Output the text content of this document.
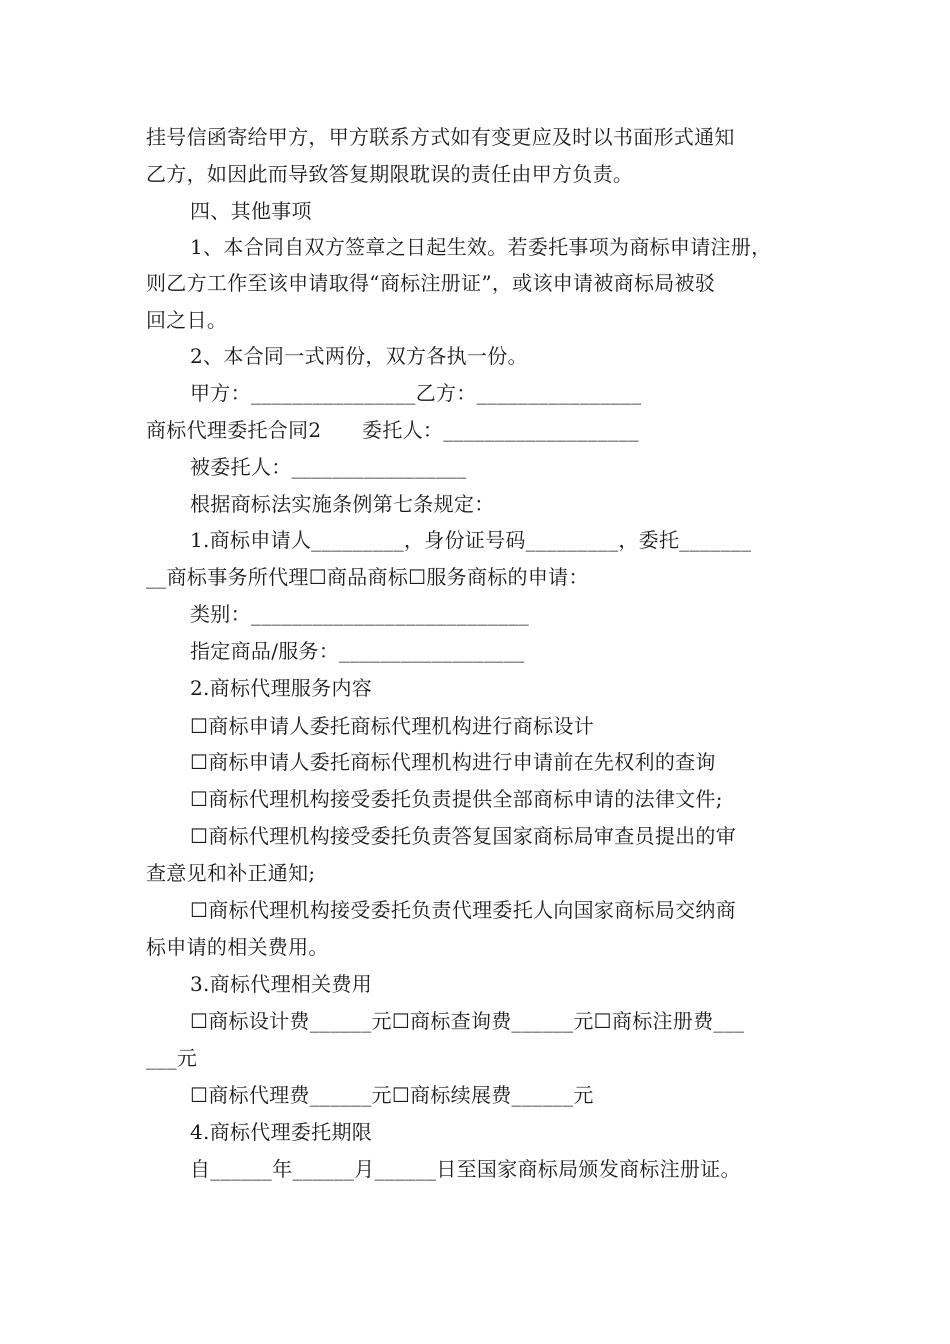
挂号信函寄给甲方，甲方联系方式如有变更应及时以书面形式通知
乙方，如因此而导致答复期限耽误的责任由甲方负责。
四、其他事项
1、本合同自双方签章之日起生效。若委托事项为商标申请注册，
则乙方工作至该申请取得“商标注册证”，或该申请被商标局被驳
回之日。
2、本合同一式两份，双方各执一份。
甲方：________________乙方：________________
商标代理委托合同2　　委托人：___________________
被委托人：_________________
根据商标法实施条例第七条规定：
1.商标申请人_________，身份证号码_________，委托_______
__商标事务所代理☐商品商标☐服务商标的申请：
类别：___________________________
指定商品/服务：__________________
2.商标代理服务内容
☐商标申请人委托商标代理机构进行商标设计
☐商标申请人委托商标代理机构进行申请前在先权利的查询
☐商标代理机构接受委托负责提供全部商标申请的法律文件;
☐商标代理机构接受委托负责答复国家商标局审查员提出的审
查意见和补正通知;
☐商标代理机构接受委托负责代理委托人向国家商标局交纳商
标申请的相关费用。
3.商标代理相关费用
☐商标设计费______元☐商标查询费______元☐商标注册费___
___元
☐商标代理费______元☐商标续展费______元
4.商标代理委托期限
自______年______月______日至国家商标局颁发商标注册证。
